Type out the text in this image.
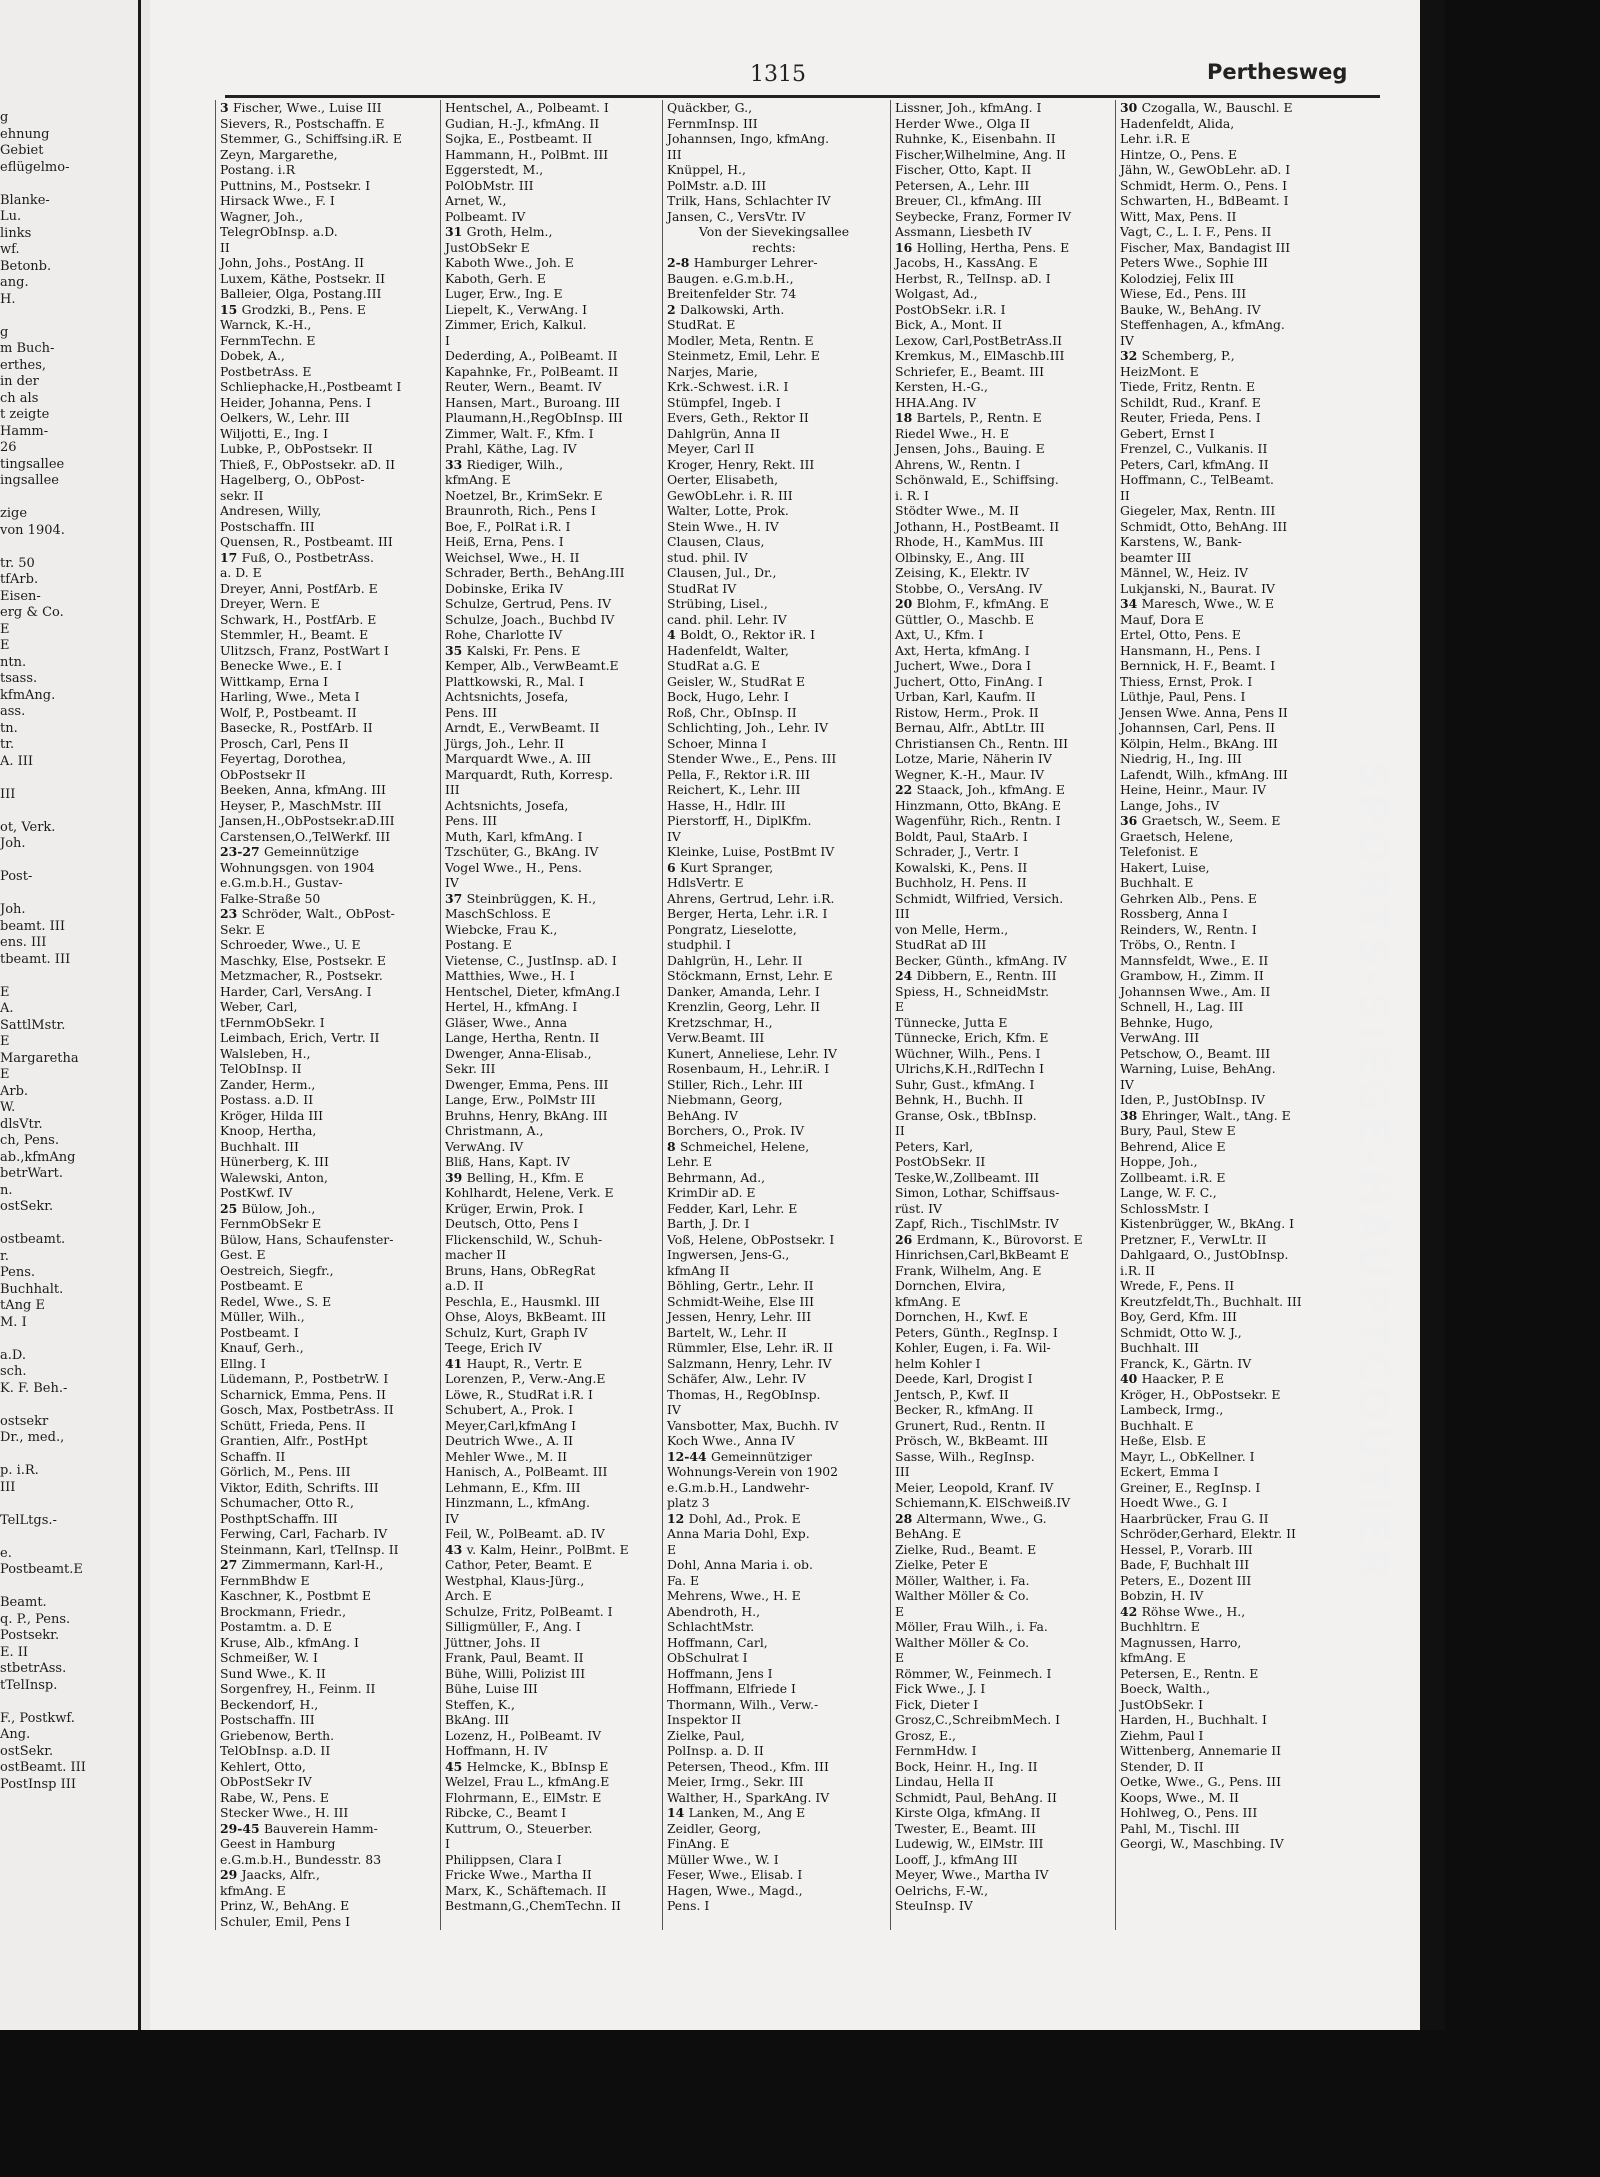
g
ehnung
Gebiet
eflügelmo-
Blanke-
Lu.
links
wf.
Betonb.
ang.
H.
g
m Buch-
erthes,
in der
ch als
t zeigte
Hamm-
26
tingsallee
ingsallee
zige
von 1904.
tr. 50
tfArb.
Eisen-
erg & Co.
E
E
ntn.
tsass.
kfmAng.
ass.
tn.
tr.
A. III
III
ot, Verk.
Joh.
Post-
Joh.
beamt. III
ens. III
tbeamt. III
E
A.
SattlMstr.
E
Margaretha
E
Arb.
W.
dlsVtr.
ch, Pens.
ab.,kfmAng
betrWart.
n.
ostSekr.
ostbeamt.
r.
Pens.
Buchhalt.
tAng E
M. I
a.D.
sch.
K. F. Beh.-
ostsekr
Dr., med.,
p. i.R.
III
TelLtgs.-
e.
Postbeamt.E
Beamt.
q. P., Pens.
Postsekr.
E. II
stbetrAss.
tTelInsp.
F., Postkwf.
Ang.
ostSekr.
ostBeamt. III
PostInsp III
1315	Perthesweg
3 Fischer, Wwe., Luise III
Sievers, R., Postschaffn. E
Stemmer, G., Schiffsing.iR. E
Zeyn, Margarethe,
Postang. i.R
Puttnins, M., Postsekr. I
Hirsack Wwe., F. I
Wagner, Joh.,
TelegrObInsp. a.D.
II
John, Johs., PostAng. II
Luxem, Käthe, Postsekr. II
Balleier, Olga, Postang.III
15 Grodzki, B., Pens. E
Warnck, K.-H.,
FernmTechn. E
Dobek, A.,
PostbetrAss. E
Schliephacke,H.,Postbeamt I
Heider, Johanna, Pens. I
Oelkers, W., Lehr. III
Wiljotti, E., Ing. I
Lubke, P., ObPostsekr. II
Thieß, F., ObPostsekr. aD. II
Hagelberg, O., ObPost-
sekr. II
Andresen, Willy,
Postschaffn. III
Quensen, R., Postbeamt. III
17 Fuß, O., PostbetrAss.
a. D. E
Dreyer, Anni, PostfArb. E
Dreyer, Wern. E
Schwark, H., PostfArb. E
Stemmler, H., Beamt. E
Ulitzsch, Franz, PostWart I
Benecke Wwe., E. I
Wittkamp, Erna I
Harling, Wwe., Meta I
Wolf, P., Postbeamt. II
Basecke, R., PostfArb. II
Prosch, Carl, Pens II
Feyertag, Dorothea,
ObPostsekr II
Beeken, Anna, kfmAng. III
Heyser, P., MaschMstr. III
Jansen,H.,ObPostsekr.aD.III
Carstensen,O.,TelWerkf. III
23-27 Gemeinnützige
Wohnungsgen. von 1904
e.G.m.b.H., Gustav-
Falke-Straße 50
23 Schröder, Walt., ObPost-
Sekr. E
Schroeder, Wwe., U. E
Maschky, Else, Postsekr. E
Metzmacher, R., Postsekr.
Harder, Carl, VersAng. I
Weber, Carl,
tFernmObSekr. I
Leimbach, Erich, Vertr. II
Walsleben, H.,
TelObInsp. II
Zander, Herm.,
Postass. a.D. II
Kröger, Hilda III
Knoop, Hertha,
Buchhalt. III
Hünerberg, K. III
Walewski, Anton,
PostKwf. IV
25 Bülow, Joh.,
FernmObSekr E
Bülow, Hans, Schaufenster-
Gest. E
Oestreich, Siegfr.,
Postbeamt. E
Redel, Wwe., S. E
Müller, Wilh.,
Postbeamt. I
Knauf, Gerh.,
Ellng. I
Lüdemann, P., PostbetrW. I
Scharnick, Emma, Pens. II
Gosch, Max, PostbetrAss. II
Schütt, Frieda, Pens. II
Grantien, Alfr., PostHpt
Schaffn. II
Görlich, M., Pens. III
Viktor, Edith, Schrifts. III
Schumacher, Otto R.,
PosthptSchaffn. III
Ferwing, Carl, Facharb. IV
Steinmann, Karl, tTelInsp. II
27 Zimmermann, Karl-H.,
FernmBhdw E
Kaschner, K., Postbmt E
Brockmann, Friedr.,
Postamtm. a. D. E
Kruse, Alb., kfmAng. I
Schmeißer, W. I
Sund Wwe., K. II
Sorgenfrey, H., Feinm. II
Beckendorf, H.,
Postschaffn. III
Griebenow, Berth.
TelObInsp. a.D. II
Kehlert, Otto,
ObPostSekr IV
Rabe, W., Pens. E
Stecker Wwe., H. III
29-45 Bauverein Hamm-
Geest in Hamburg
e.G.m.b.H., Bundesstr. 83
29 Jaacks, Alfr.,
kfmAng. E
Prinz, W., BehAng. E
Schuler, Emil, Pens I
Hentschel, A., Polbeamt. I
Gudian, H.-J., kfmAng. II
Sojka, E., Postbeamt. II
Hammann, H., PolBmt. III
Eggerstedt, M.,
PolObMstr. III
Arnet, W.,
Polbeamt. IV
31 Groth, Helm.,
JustObSekr E
Kaboth Wwe., Joh. E
Kaboth, Gerh. E
Luger, Erw., Ing. E
Liepelt, K., VerwAng. I
Zimmer, Erich, Kalkul.
I
Dederding, A., PolBeamt. II
Kapahnke, Fr., PolBeamt. II
Reuter, Wern., Beamt. IV
Hansen, Mart., Buroang. III
Plaumann,H.,RegObInsp. III
Zimmer, Walt. F., Kfm. I
Prahl, Käthe, Lag. IV
33 Riediger, Wilh.,
kfmAng. E
Noetzel, Br., KrimSekr. E
Braunroth, Rich., Pens I
Boe, F., PolRat i.R. I
Heiß, Erna, Pens. I
Weichsel, Wwe., H. II
Schrader, Berth., BehAng.III
Dobinske, Erika IV
Schulze, Gertrud, Pens. IV
Schulze, Joach., Buchbd IV
Rohe, Charlotte IV
35 Kalski, Fr. Pens. E
Kemper, Alb., VerwBeamt.E
Plattkowski, R., Mal. I
Achtsnichts, Josefa,
Pens. III
Arndt, E., VerwBeamt. II
Jürgs, Joh., Lehr. II
Marquardt Wwe., A. III
Marquardt, Ruth, Korresp.
III
Achtsnichts, Josefa,
Pens. III
Muth, Karl, kfmAng. I
Tzschüter, G., BkAng. IV
Vogel Wwe., H., Pens.
IV
37 Steinbrüggen, K. H.,
MaschSchloss. E
Wiebcke, Frau K.,
Postang. E
Vietense, C., JustInsp. aD. I
Matthies, Wwe., H. I
Hentschel, Dieter, kfmAng.I
Hertel, H., kfmAng. I
Gläser, Wwe., Anna
Lange, Hertha, Rentn. II
Dwenger, Anna-Elisab.,
Sekr. III
Dwenger, Emma, Pens. III
Lange, Erw., PolMstr III
Bruhns, Henry, BkAng. III
Christmann, A.,
VerwAng. IV
Bliß, Hans, Kapt. IV
39 Belling, H., Kfm. E
Kohlhardt, Helene, Verk. E
Krüger, Erwin, Prok. I
Deutsch, Otto, Pens I
Flickenschild, W., Schuh-
macher II
Bruns, Hans, ObRegRat
a.D. II
Peschla, E., Hausmkl. III
Ohse, Aloys, BkBeamt. III
Schulz, Kurt, Graph IV
Teege, Erich IV
41 Haupt, R., Vertr. E
Lorenzen, P., Verw.-Ang.E
Löwe, R., StudRat i.R. I
Schubert, A., Prok. I
Meyer,Carl,kfmAng I
Deutrich Wwe., A. II
Mehler Wwe., M. II
Hanisch, A., PolBeamt. III
Lehmann, E., Kfm. III
Hinzmann, L., kfmAng.
IV
Feil, W., PolBeamt. aD. IV
43 v. Kalm, Heinr., PolBmt. E
Cathor, Peter, Beamt. E
Westphal, Klaus-Jürg.,
Arch. E
Schulze, Fritz, PolBeamt. I
Silligmüller, F., Ang. I
Jüttner, Johs. II
Frank, Paul, Beamt. II
Bühe, Willi, Polizist III
Bühe, Luise III
Steffen, K.,
BkAng. III
Lozenz, H., PolBeamt. IV
Hoffmann, H. IV
45 Helmcke, K., BbInsp E
Welzel, Frau L., kfmAng.E
Flohrmann, E., ElMstr. E
Ribcke, C., Beamt I
Kuttrum, O., Steuerber.
I
Philippsen, Clara I
Fricke Wwe., Martha II
Marx, K., Schäftemach. II
Bestmann,G.,ChemTechn. II
Quäckber, G.,
FernmInsp. III
Johannsen, Ingo, kfmAng.
III
Knüppel, H.,
PolMstr. a.D. III
Trilk, Hans, Schlachter IV
Jansen, C., VersVtr. IV
Von der Sievekingsallee
rechts:
2-8 Hamburger Lehrer-
Baugen. e.G.m.b.H.,
Breitenfelder Str. 74
2 Dalkowski, Arth.
StudRat. E
Modler, Meta, Rentn. E
Steinmetz, Emil, Lehr. E
Narjes, Marie,
Krk.-Schwest. i.R. I
Stümpfel, Ingeb. I
Evers, Geth., Rektor II
Dahlgrün, Anna II
Meyer, Carl II
Kroger, Henry, Rekt. III
Oerter, Elisabeth,
GewObLehr. i. R. III
Walter, Lotte, Prok.
Stein Wwe., H. IV
Clausen, Claus,
stud. phil. IV
Clausen, Jul., Dr.,
StudRat IV
Strübing, Lisel.,
cand. phil. Lehr. IV
4 Boldt, O., Rektor iR. I
Hadenfeldt, Walter,
StudRat a.G. E
Geisler, W., StudRat E
Bock, Hugo, Lehr. I
Roß, Chr., ObInsp. II
Schlichting, Joh., Lehr. IV
Schoer, Minna I
Stender Wwe., E., Pens. III
Pella, F., Rektor i.R. III
Reichert, K., Lehr. III
Hasse, H., Hdlr. III
Pierstorff, H., DiplKfm.
IV
Kleinke, Luise, PostBmt IV
6 Kurt Spranger,
HdlsVertr. E
Ahrens, Gertrud, Lehr. i.R.
Berger, Herta, Lehr. i.R. I
Pongratz, Lieselotte,
studphil. I
Dahlgrün, H., Lehr. II
Stöckmann, Ernst, Lehr. E
Danker, Amanda, Lehr. I
Krenzlin, Georg, Lehr. II
Kretzschmar, H.,
Verw.Beamt. III
Kunert, Anneliese, Lehr. IV
Rosenbaum, H., Lehr.iR. I
Stiller, Rich., Lehr. III
Niebmann, Georg,
BehAng. IV
Borchers, O., Prok. IV
8 Schmeichel, Helene,
Lehr. E
Behrmann, Ad.,
KrimDir aD. E
Fedder, Karl, Lehr. E
Barth, J. Dr. I
Voß, Helene, ObPostsekr. I
Ingwersen, Jens-G.,
kfmAng II
Böhling, Gertr., Lehr. II
Schmidt-Weihe, Else III
Jessen, Henry, Lehr. III
Bartelt, W., Lehr. II
Rümmler, Else, Lehr. iR. II
Salzmann, Henry, Lehr. IV
Schäfer, Alw., Lehr. IV
Thomas, H., RegObInsp.
IV
Vansbotter, Max, Buchh. IV
Koch Wwe., Anna IV
12-44 Gemeinnütziger
Wohnungs-Verein von 1902
e.G.m.b.H., Landwehr-
platz 3
12 Dohl, Ad., Prok. E
Anna Maria Dohl, Exp.
E
Dohl, Anna Maria i. ob.
Fa. E
Mehrens, Wwe., H. E
Abendroth, H.,
SchlachtMstr.
Hoffmann, Carl,
ObSchulrat I
Hoffmann, Jens I
Hoffmann, Elfriede I
Thormann, Wilh., Verw.-
Inspektor II
Zielke, Paul,
PolInsp. a. D. II
Petersen, Theod., Kfm. III
Meier, Irmg., Sekr. III
Walther, H., SparkAng. IV
14 Lanken, M., Ang E
Zeidler, Georg,
FinAng. E
Müller Wwe., W. I
Feser, Wwe., Elisab. I
Hagen, Wwe., Magd.,
Pens. I
Lissner, Joh., kfmAng. I
Herder Wwe., Olga II
Ruhnke, K., Eisenbahn. II
Fischer,Wilhelmine, Ang. II
Fischer, Otto, Kapt. II
Petersen, A., Lehr. III
Breuer, Cl., kfmAng. III
Seybecke, Franz, Former IV
Assmann, Liesbeth IV
16 Holling, Hertha, Pens. E
Jacobs, H., KassAng. E
Herbst, R., TelInsp. aD. I
Wolgast, Ad.,
PostObSekr. i.R. I
Bick, A., Mont. II
Lexow, Carl,PostBetrAss.II
Kremkus, M., ElMaschb.III
Schriefer, E., Beamt. III
Kersten, H.-G.,
HHA.Ang. IV
18 Bartels, P., Rentn. E
Riedel Wwe., H. E
Jensen, Johs., Bauing. E
Ahrens, W., Rentn. I
Schönwald, E., Schiffsing.
i. R. I
Stödter Wwe., M. II
Jothann, H., PostBeamt. II
Rhode, H., KamMus. III
Olbinsky, E., Ang. III
Zeising, K., Elektr. IV
Stobbe, O., VersAng. IV
20 Blohm, F., kfmAng. E
Güttler, O., Maschb. E
Axt, U., Kfm. I
Axt, Herta, kfmAng. I
Juchert, Wwe., Dora I
Juchert, Otto, FinAng. I
Urban, Karl, Kaufm. II
Ristow, Herm., Prok. II
Bernau, Alfr., AbtLtr. III
Christiansen Ch., Rentn. III
Lotze, Marie, Näherin IV
Wegner, K.-H., Maur. IV
22 Staack, Joh., kfmAng. E
Hinzmann, Otto, BkAng. E
Wagenführ, Rich., Rentn. I
Boldt, Paul, StaArb. I
Schrader, J., Vertr. I
Kowalski, K., Pens. II
Buchholz, H. Pens. II
Schmidt, Wilfried, Versich.
III
von Melle, Herm.,
StudRat aD III
Becker, Günth., kfmAng. IV
24 Dibbern, E., Rentn. III
Spiess, H., SchneidMstr.
E
Tünnecke, Jutta E
Tünnecke, Erich, Kfm. E
Wüchner, Wilh., Pens. I
Ulrichs,K.H.,RdlTechn I
Suhr, Gust., kfmAng. I
Behnk, H., Buchh. II
Granse, Osk., tBbInsp.
II
Peters, Karl,
PostObSekr. II
Teske,W.,Zollbeamt. III
Simon, Lothar, Schiffsaus-
rüst. IV
Zapf, Rich., TischlMstr. IV
26 Erdmann, K., Bürovorst. E
Hinrichsen,Carl,BkBeamt E
Frank, Wilhelm, Ang. E
Dornchen, Elvira,
kfmAng. E
Dornchen, H., Kwf. E
Peters, Günth., RegInsp. I
Kohler, Eugen, i. Fa. Wil-
helm Kohler I
Deede, Karl, Drogist I
Jentsch, P., Kwf. II
Becker, R., kfmAng. II
Grunert, Rud., Rentn. II
Prösch, W., BkBeamt. III
Sasse, Wilh., RegInsp.
III
Meier, Leopold, Kranf. IV
Schiemann,K. ElSchweiß.IV
28 Altermann, Wwe., G.
BehAng. E
Zielke, Rud., Beamt. E
Zielke, Peter E
Möller, Walther, i. Fa.
Walther Möller & Co.
E
Möller, Frau Wilh., i. Fa.
Walther Möller & Co.
E
Römmer, W., Feinmech. I
Fick Wwe., J. I
Fick, Dieter I
Grosz,C.,SchreibmMech. I
Grosz, E.,
FernmHdw. I
Bock, Heinr. H., Ing. II
Lindau, Hella II
Schmidt, Paul, BehAng. II
Kirste Olga, kfmAng. II
Twester, E., Beamt. III
Ludewig, W., ElMstr. III
Looff, J., kfmAng III
Meyer, Wwe., Martha IV
Oelrichs, F.-W.,
SteuInsp. IV
30 Czogalla, W., Bauschl. E
Hadenfeldt, Alida,
Lehr. i.R. E
Hintze, O., Pens. E
Jähn, W., GewObLehr. aD. I
Schmidt, Herm. O., Pens. I
Schwarten, H., BdBeamt. I
Witt, Max, Pens. II
Vagt, C., L. I. F., Pens. II
Fischer, Max, Bandagist III
Peters Wwe., Sophie III
Kolodziej, Felix III
Wiese, Ed., Pens. III
Bauke, W., BehAng. IV
Steffenhagen, A., kfmAng.
IV
32 Schemberg, P.,
HeizMont. E
Tiede, Fritz, Rentn. E
Schildt, Rud., Kranf. E
Reuter, Frieda, Pens. I
Gebert, Ernst I
Frenzel, C., Vulkanis. II
Peters, Carl, kfmAng. II
Hoffmann, C., TelBeamt.
II
Giegeler, Max, Rentn. III
Schmidt, Otto, BehAng. III
Karstens, W., Bank-
beamter III
Männel, W., Heiz. IV
Lukjanski, N., Baurat. IV
34 Maresch, Wwe., W. E
Mauf, Dora E
Ertel, Otto, Pens. E
Hansmann, H., Pens. I
Bernnick, H. F., Beamt. I
Thiess, Ernst, Prok. I
Lüthje, Paul, Pens. I
Jensen Wwe. Anna, Pens II
Johannsen, Carl, Pens. II
Kölpin, Helm., BkAng. III
Niedrig, H., Ing. III
Lafendt, Wilh., kfmAng. III
Heine, Heinr., Maur. IV
Lange, Johs., IV
36 Graetsch, W., Seem. E
Graetsch, Helene,
Telefonist. E
Hakert, Luise,
Buchhalt. E
Gehrken Alb., Pens. E
Rossberg, Anna I
Reinders, W., Rentn. I
Tröbs, O., Rentn. I
Mannsfeldt, Wwe., E. II
Grambow, H., Zimm. II
Johannsen Wwe., Am. II
Schnell, H., Lag. III
Behnke, Hugo,
VerwAng. III
Petschow, O., Beamt. III
Warning, Luise, BehAng.
IV
Iden, P., JustObInsp. IV
38 Ehringer, Walt., tAng. E
Bury, Paul, Stew E
Behrend, Alice E
Hoppe, Joh.,
Zollbeamt. i.R. E
Lange, W. F. C.,
SchlossMstr. I
Kistenbrügger, W., BkAng. I
Pretzner, F., VerwLtr. II
Dahlgaard, O., JustObInsp.
i.R. II
Wrede, F., Pens. II
Kreutzfeldt,Th., Buchhalt. III
Boy, Gerd, Kfm. III
Schmidt, Otto W. J.,
Buchhalt. III
Franck, K., Gärtn. IV
40 Haacker, P. E
Kröger, H., ObPostsekr. E
Lambeck, Irmg.,
Buchhalt. E
Heße, Elsb. E
Mayr, L., ObKellner. I
Eckert, Emma I
Greiner, E., RegInsp. I
Hoedt Wwe., G. I
Haarbrücker, Frau G. II
Schröder,Gerhard, Elektr. II
Hessel, P., Vorarb. III
Bade, F, Buchhalt III
Peters, E., Dozent III
Bobzin, H. IV
42 Röhse Wwe., H.,
Buchhltrn. E
Magnussen, Harro,
kfmAng. E
Petersen, E., Rentn. E
Boeck, Walth.,
JustObSekr. I
Harden, H., Buchhalt. I
Ziehm, Paul I
Wittenberg, Annemarie II
Stender, D. II
Oetke, Wwe., G., Pens. III
Koops, Wwe., M. II
Hohlweg, O., Pens. III
Pahl, M., Tischl. III
Georgi, W., Maschbing. IV
SPORTS-SIEGE-HAUPTCOUTIER
